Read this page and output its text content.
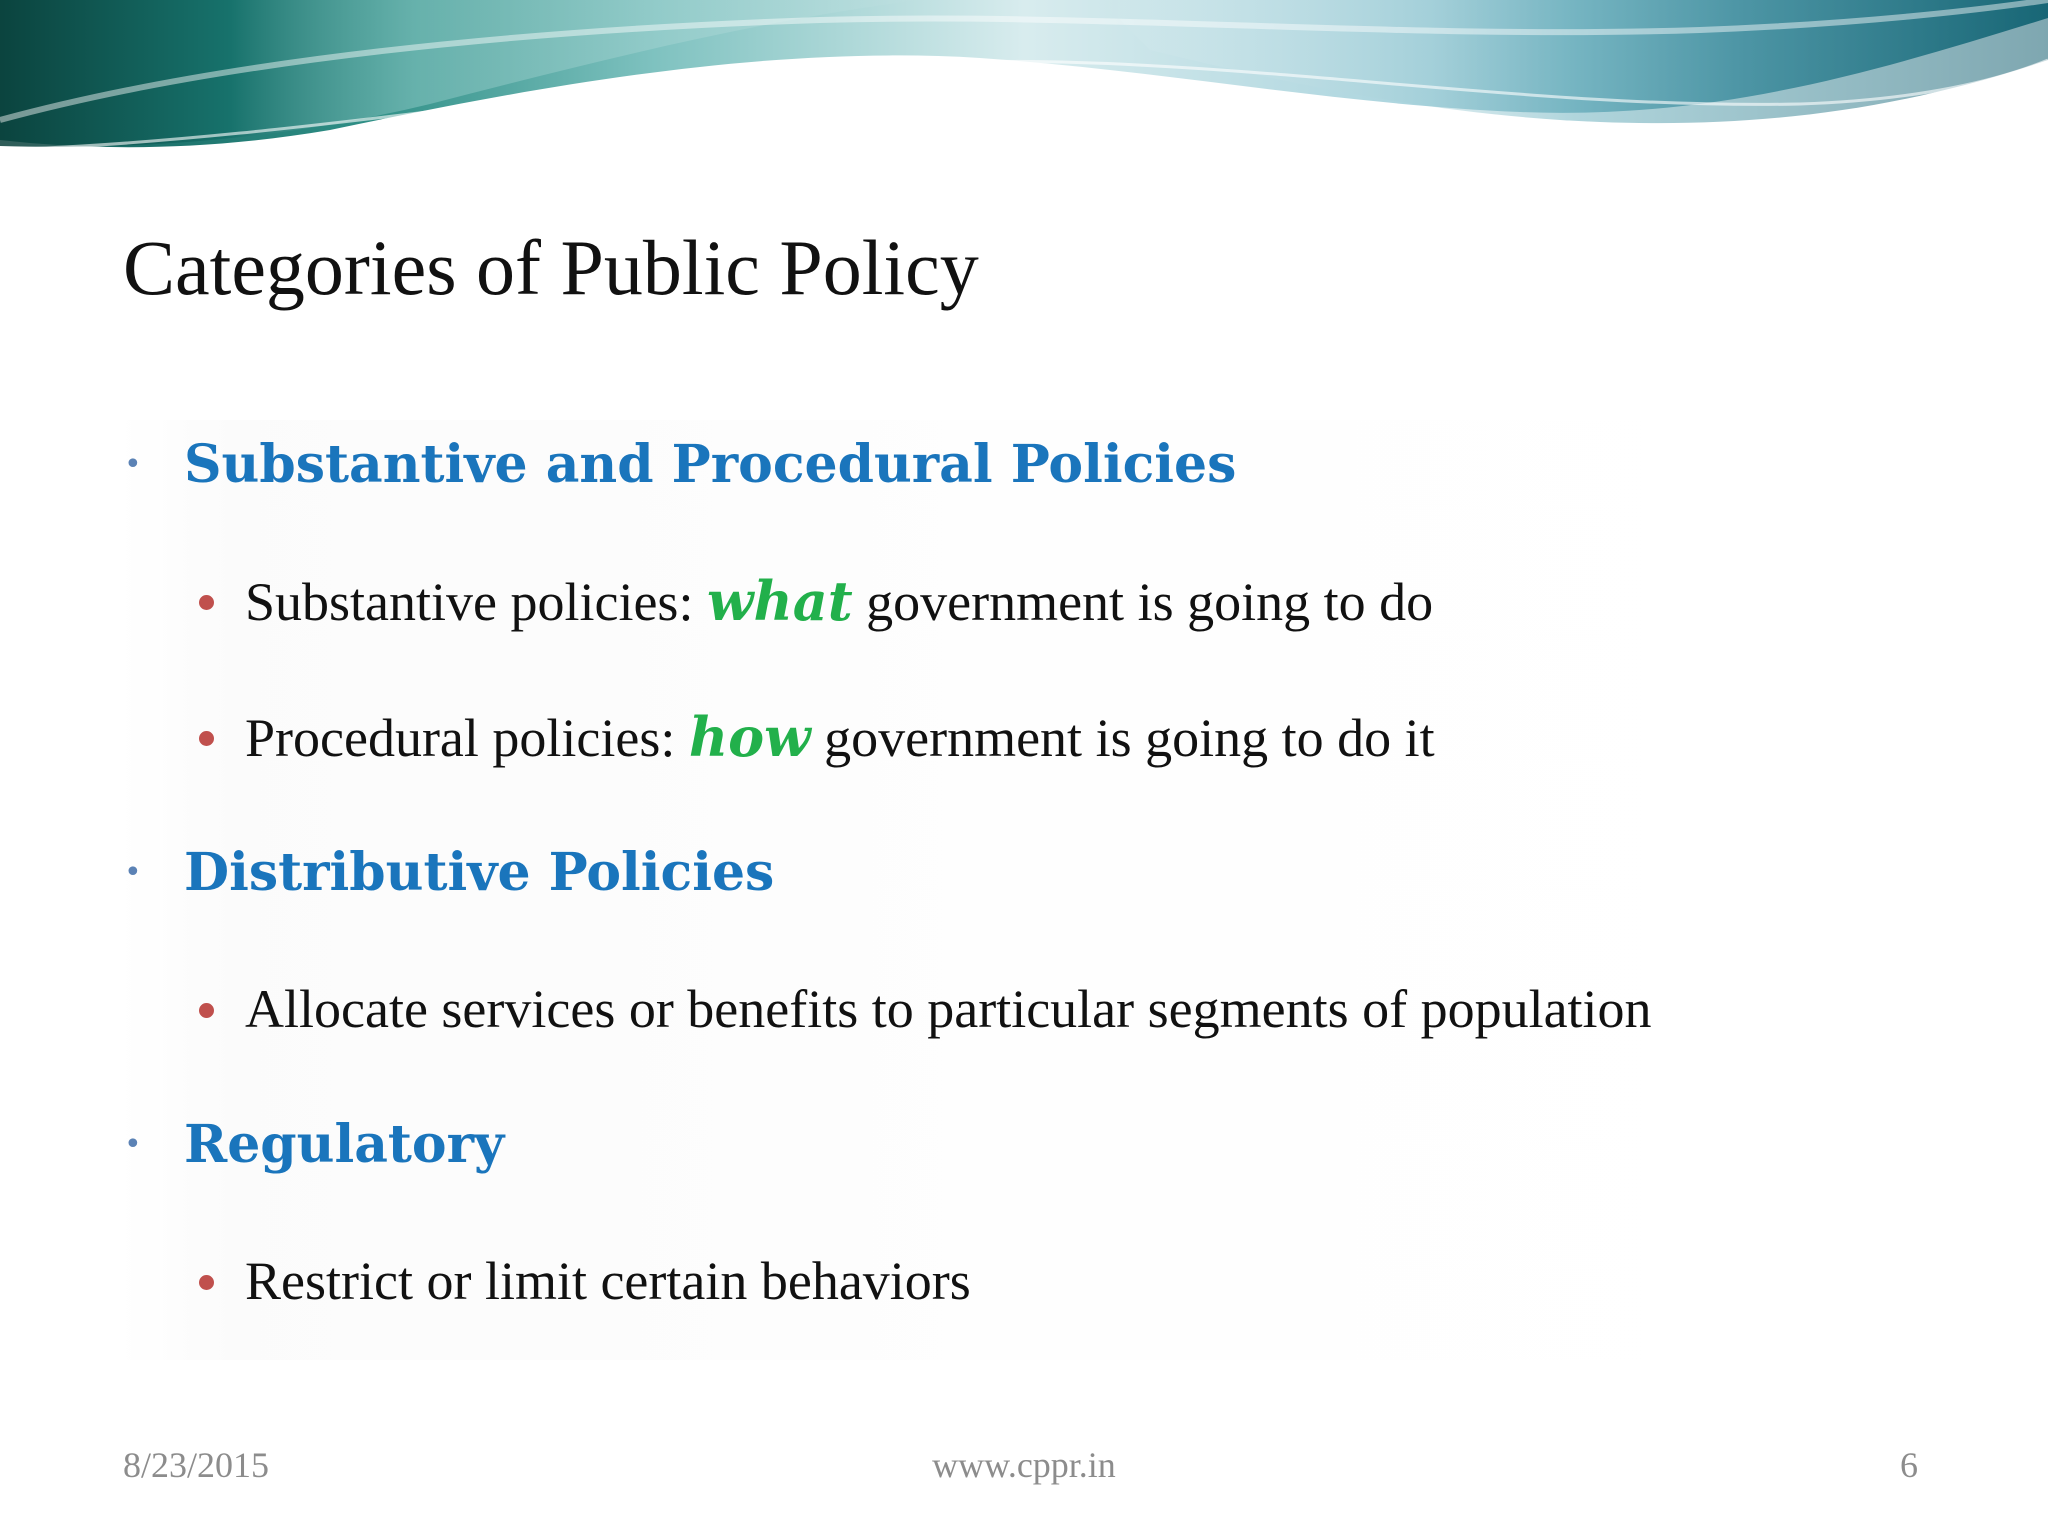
Categories of Public Policy
• Substantive and Procedural Policies
Substantive policies: what government is going to do
Procedural policies: how government is going to do it
• Distributive Policies
Allocate services or benefits to particular segments of population
• Regulatory
Restrict or limit certain behaviors
8/23/2015	www.cppr.in	6
